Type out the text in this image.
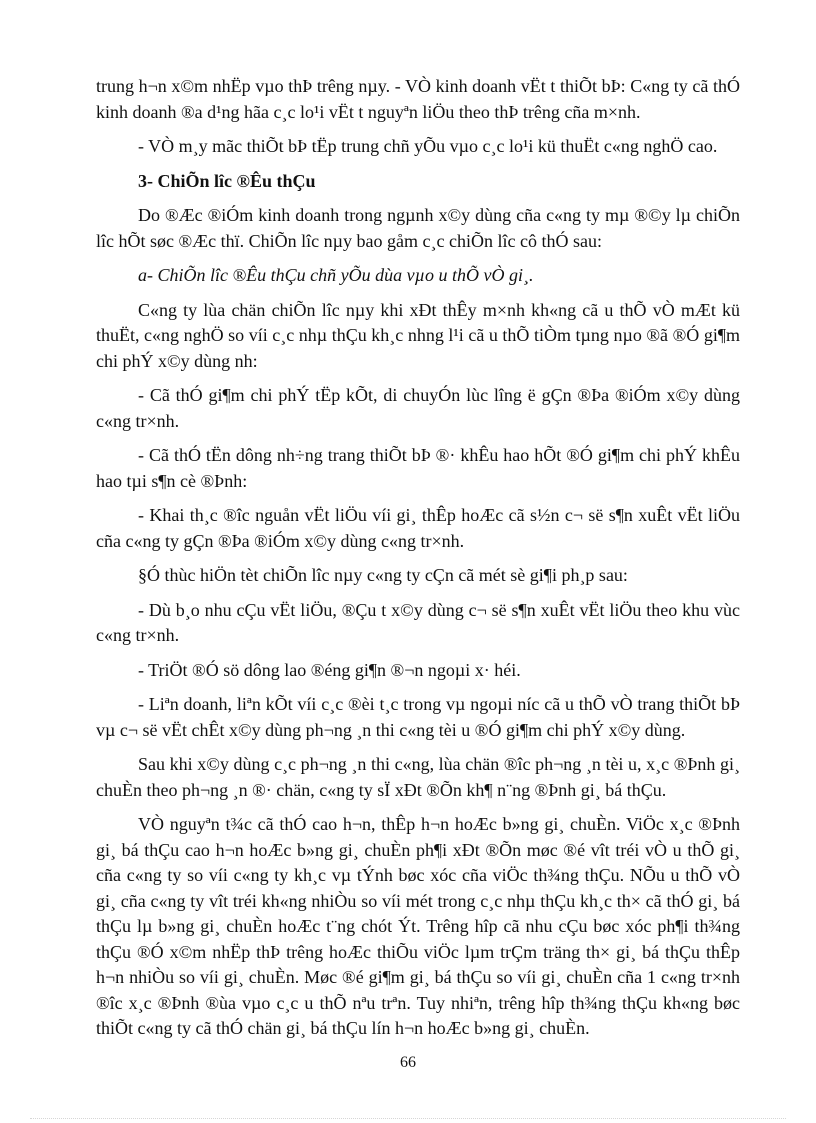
trung h¬n x©m nhËp vµo thÞ trêng nµy. - VÒ kinh doanh vËt t thiÕt bÞ: C«ng ty cã thÓ kinh doanh ®a d¹ng hãa c¸c lo¹i vËt t nguyªn liÖu theo thÞ trêng cña m×nh.

- VÒ m¸y mãc thiÕt bÞ tËp trung chñ yÕu vµo c¸c lo¹i kü thuËt c«ng nghÖ cao.

3- ChiÕn lîc ®Êu thÇu

Do ®Æc ®iÓm kinh doanh trong ngµnh x©y dùng cña c«ng ty mµ ®©y lµ chiÕn lîc hÕt søc ®Æc thï. ChiÕn lîc nµy bao gåm c¸c chiÕn lîc cô thÓ sau:

a- ChiÕn lîc ®Êu thÇu chñ yÕu dùa vµo u thÕ vÒ gi¸.

C«ng ty lùa chän chiÕn lîc nµy khi xÐt thÊy m×nh kh«ng cã u thÕ vÒ mÆt kü thuËt, c«ng nghÖ so víi c¸c nhµ thÇu kh¸c nhng l¹i cã u thÕ tiÒm tµng nµo ®ã ®Ó gi¶m chi phÝ x©y dùng nh:

- Cã thÓ gi¶m chi phÝ tËp kÕt, di chuyÓn lùc lîng ë gÇn ®Þa ®iÓm x©y dùng c«ng tr×nh.

- Cã thÓ tËn dông nh÷ng trang thiÕt bÞ ®· khÊu hao hÕt ®Ó gi¶m chi phÝ khÊu hao tµi s¶n cè ®Þnh:

- Khai th¸c ®îc nguån vËt liÖu víi gi¸ thÊp hoÆc cã s½n c¬ së s¶n xuÊt vËt liÖu cña c«ng ty gÇn ®Þa ®iÓm x©y dùng c«ng tr×nh.

§Ó thùc hiÖn tèt chiÕn lîc nµy c«ng ty cÇn cã mét sè gi¶i ph¸p sau:

- Dù b¸o nhu cÇu vËt liÖu, ®Çu t x©y dùng c¬ së s¶n xuÊt vËt liÖu theo khu vùc c«ng tr×nh.

- TriÖt ®Ó sö dông lao ®éng gi¶n ®¬n ngoµi x· héi.

- Liªn doanh, liªn kÕt víi c¸c ®èi t¸c trong vµ ngoµi níc cã u thÕ vÒ trang thiÕt bÞ vµ c¬ së vËt chÊt x©y dùng ph¬ng ¸n thi c«ng tèi u ®Ó gi¶m chi phÝ x©y dùng.

Sau khi x©y dùng c¸c ph¬ng ¸n thi c«ng, lùa chän ®îc ph¬ng ¸n tèi u, x¸c ®Þnh gi¸ chuÈn theo ph¬ng ¸n ®· chän, c«ng ty sÏ xÐt ®Õn kh¶ n¨ng ®Þnh gi¸ bá thÇu.

VÒ nguyªn t¾c cã thÓ cao h¬n, thÊp h¬n hoÆc b»ng gi¸ chuÈn. ViÖc x¸c ®Þnh gi¸ bá thÇu cao h¬n hoÆc b»ng gi¸ chuÈn ph¶i xÐt ®Õn møc ®é vît tréi vÒ u thÕ gi¸ cña c«ng ty so víi c«ng ty kh¸c vµ tÝnh bøc xóc cña viÖc th¾ng thÇu. NÕu u thÕ vÒ gi¸ cña c«ng ty vît tréi kh«ng nhiÒu so víi mét trong c¸c nhµ thÇu kh¸c th× cã thÓ gi¸ bá thÇu lµ b»ng gi¸ chuÈn hoÆc t¨ng chót Ýt. Trêng hîp cã nhu cÇu bøc xóc ph¶i th¾ng thÇu ®Ó x©m nhËp thÞ trêng hoÆc thiÕu viÖc lµm trÇm träng th× gi¸ bá thÇu thÊp h¬n nhiÒu so víi gi¸ chuÈn. Møc ®é gi¶m gi¸ bá thÇu so víi gi¸ chuÈn cña 1 c«ng tr×nh ®îc x¸c ®Þnh ®ùa vµo c¸c u thÕ nªu trªn. Tuy nhiªn, trêng hîp th¾ng thÇu kh«ng bøc thiÕt c«ng ty cã thÓ chän gi¸ bá thÇu lín h¬n hoÆc b»ng gi¸ chuÈn.

66
